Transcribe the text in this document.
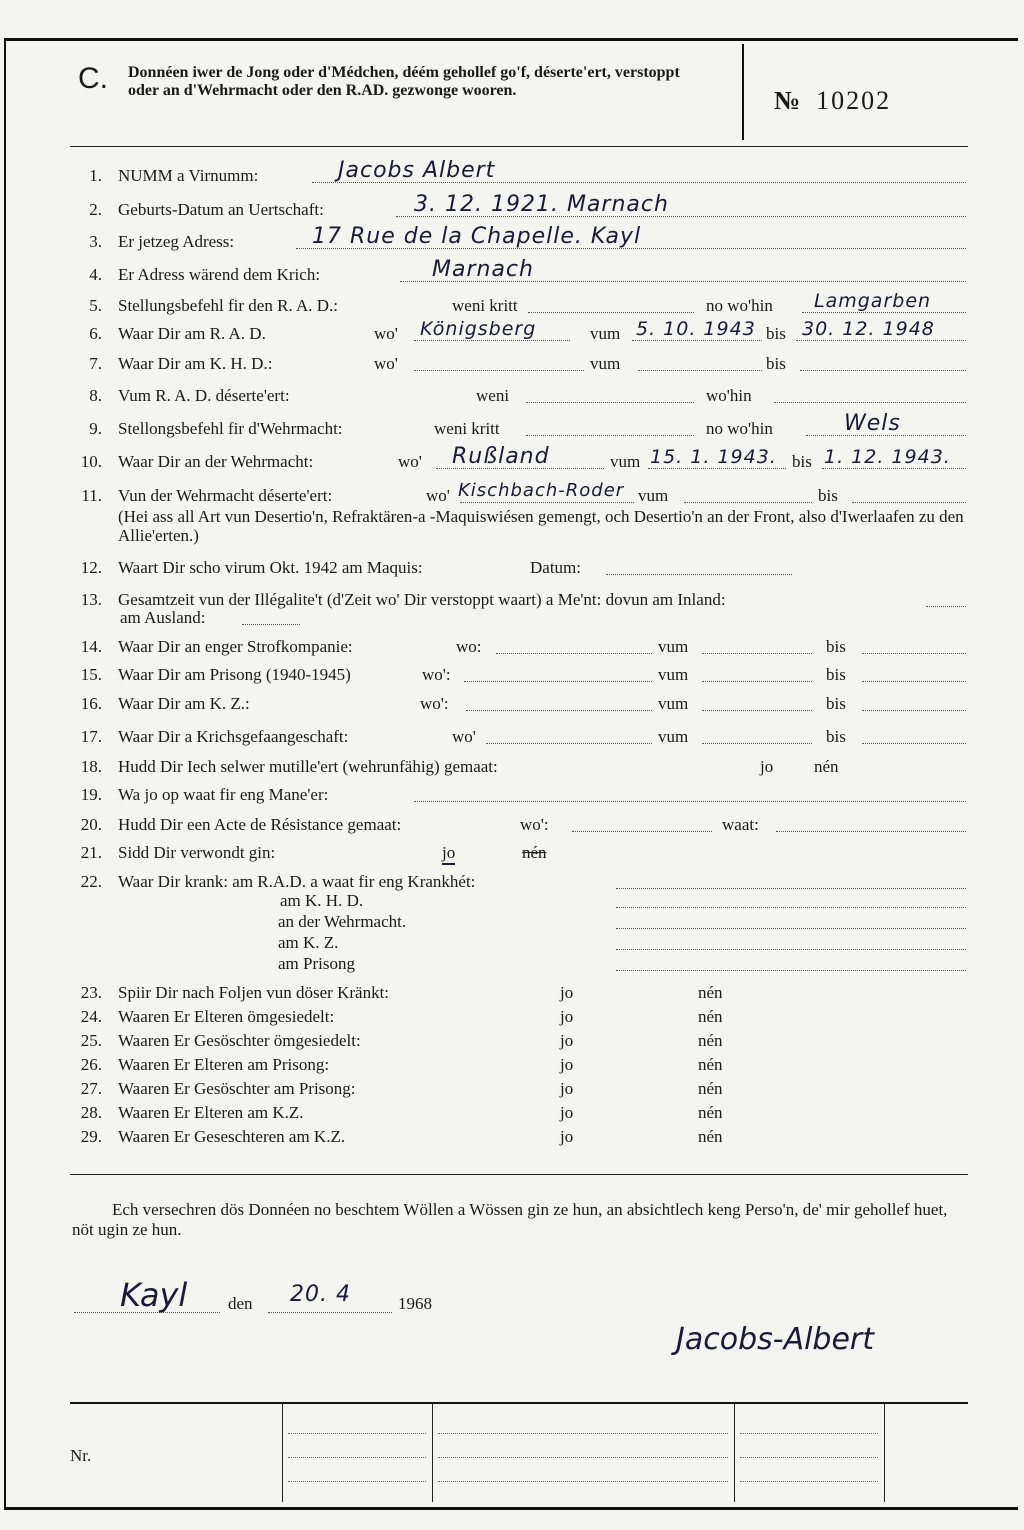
C. Donnéen iwer de Jong oder d'Médchen, déém gehollef go'f, déserte'ert, verstoppt oder an d'Wehrmacht oder den R.AD. gezwonge wooren.	№ 10202
1. NUMM a Virnumm:	Jacobs Albert
2. Geburts-Datum an Uertschaft:	3. 12. 1921. Marnach
3. Er jetzeg Adress:	17 Rue de la Chapelle. Kayl
4. Er Adress wärend dem Krich:	Marnach
5. Stellungsbefehl fir den R. A. D.:	weni kritt	no wo'hin Lamgarben
6. Waar Dir am R. A. D.	wo' Königsberg	vum 5. 10. 1943 bis 30. 12. 1948
7. Waar Dir am K. H. D.:	wo'	vum	bis
8. Vum R. A. D. déserte'ert:	weni	wo'hin
9. Stellongsbefehl fir d'Wehrmacht:	weni kritt	no wo'hin	Wels
10. Waar Dir an der Wehrmacht:	wo' Rußland	vum 15. 1. 1943. bis 1. 12. 1943.
11. Vun der Wehrmacht déserte'ert:	wo' Kischbach-Roder vum	bis
(Hei ass all Art vun Desertio'n, Refraktären-a -Maquiswiésen gemengt, och Desertio'n an der Front, also d'Iwerlaafen zu den Allie'erten.)
12. Waart Dir scho virum Okt. 1942 am Maquis:	Datum:
13. Gesamtzeit vun der Illégalite't (d'Zeit wo' Dir verstoppt waart) a Me'nt: dovun am Inland:
am Ausland:
14. Waar Dir an enger Strofkompanie:	wo:	vum	bis
15. Waar Dir am Prisong (1940-1945)	wo':	vum	bis
16. Waar Dir am K. Z.:	wo':	vum	bis
17. Waar Dir a Krichsgefaangeschaft:	wo'	vum	bis
18. Hudd Dir Iech selwer mutille'ert (wehrunfähig) gemaat:	jo nén
19. Wa jo op waat fir eng Mane'er:
20. Hudd Dir een Acte de Résistance gemaat:	wo':	waat:
21. Sidd Dir verwondt gin:	jo	nén
22. Waar Dir krank: am R.A.D. a waat fir eng Krankhét:
am K. H. D.
an der Wehrmacht.
am K. Z.
am Prisong
23. Spiir Dir nach Foljen vun döser Kränkt:	jo	nén
24. Waaren Er Elteren ömgesiedelt:	jo	nén
25. Waaren Er Gesöschter ömgesiedelt:	jo	nén
26. Waaren Er Elteren am Prisong:	jo	nén
27. Waaren Er Gesöschter am Prisong:	jo	nén
28. Waaren Er Elteren am K.Z.	jo	nén
29. Waaren Er Geseschteren am K.Z.	jo	nén
Ech versechren dös Donnéen no beschtem Wöllen a Wössen gin ze hun, an absichtlech keng Perso'n, de' mir gehollef huet, nöt ugin ze hun.
Kayl den 20. 4	1968
Jacobs-Albert
Nr.
